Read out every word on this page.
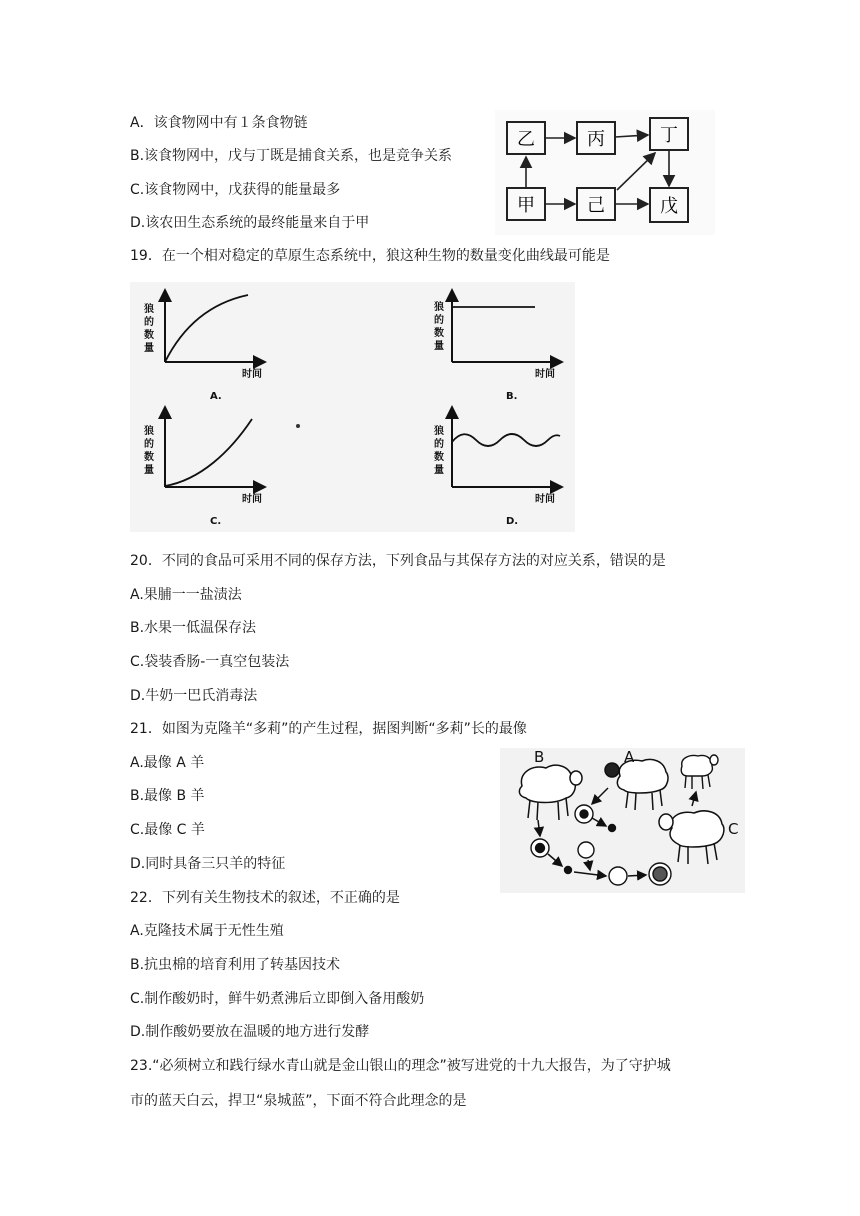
A．该食物网中有１条食物链
B.该食物网中，戊与丁既是捕食关系，也是竞争关系
C.该食物网中，戊获得的能量最多
D.该农田生态系统的最终能量来自于甲
乙	丙	丁
甲	己	戊
19．在一个相对稳定的草原生态系统中，狼这种生物的数量变化曲线最可能是
狼
的
数
量
时间
A.
狼
的
数
量
时间
B.
狼
的
数
量
时间
C.
狼
的
数
量
时间
D.
20．不同的食品可采用不同的保存方法，下列食品与其保存方法的对应关系，错误的是
A.果脯一一盐渍法
B.水果一低温保存法
C.袋装香肠-一真空包装法
D.牛奶一巴氏消毒法
21．如图为克隆羊“多莉”的产生过程，据图判断“多莉”长的最像
A.最像 A 羊
B.最像 B 羊
C.最像 C 羊
D.同时具备三只羊的特征
A
B
C
22．下列有关生物技术的叙述，不正确的是
A.克隆技术属于无性生殖
B.抗虫棉的培育利用了转基因技术
C.制作酸奶时，鲜牛奶煮沸后立即倒入备用酸奶
D.制作酸奶要放在温暖的地方进行发酵
23.“必须树立和践行绿水青山就是金山银山的理念”被写进党的十九大报告，为了守护城
市的蓝天白云，捍卫“泉城蓝”，下面不符合此理念的是
